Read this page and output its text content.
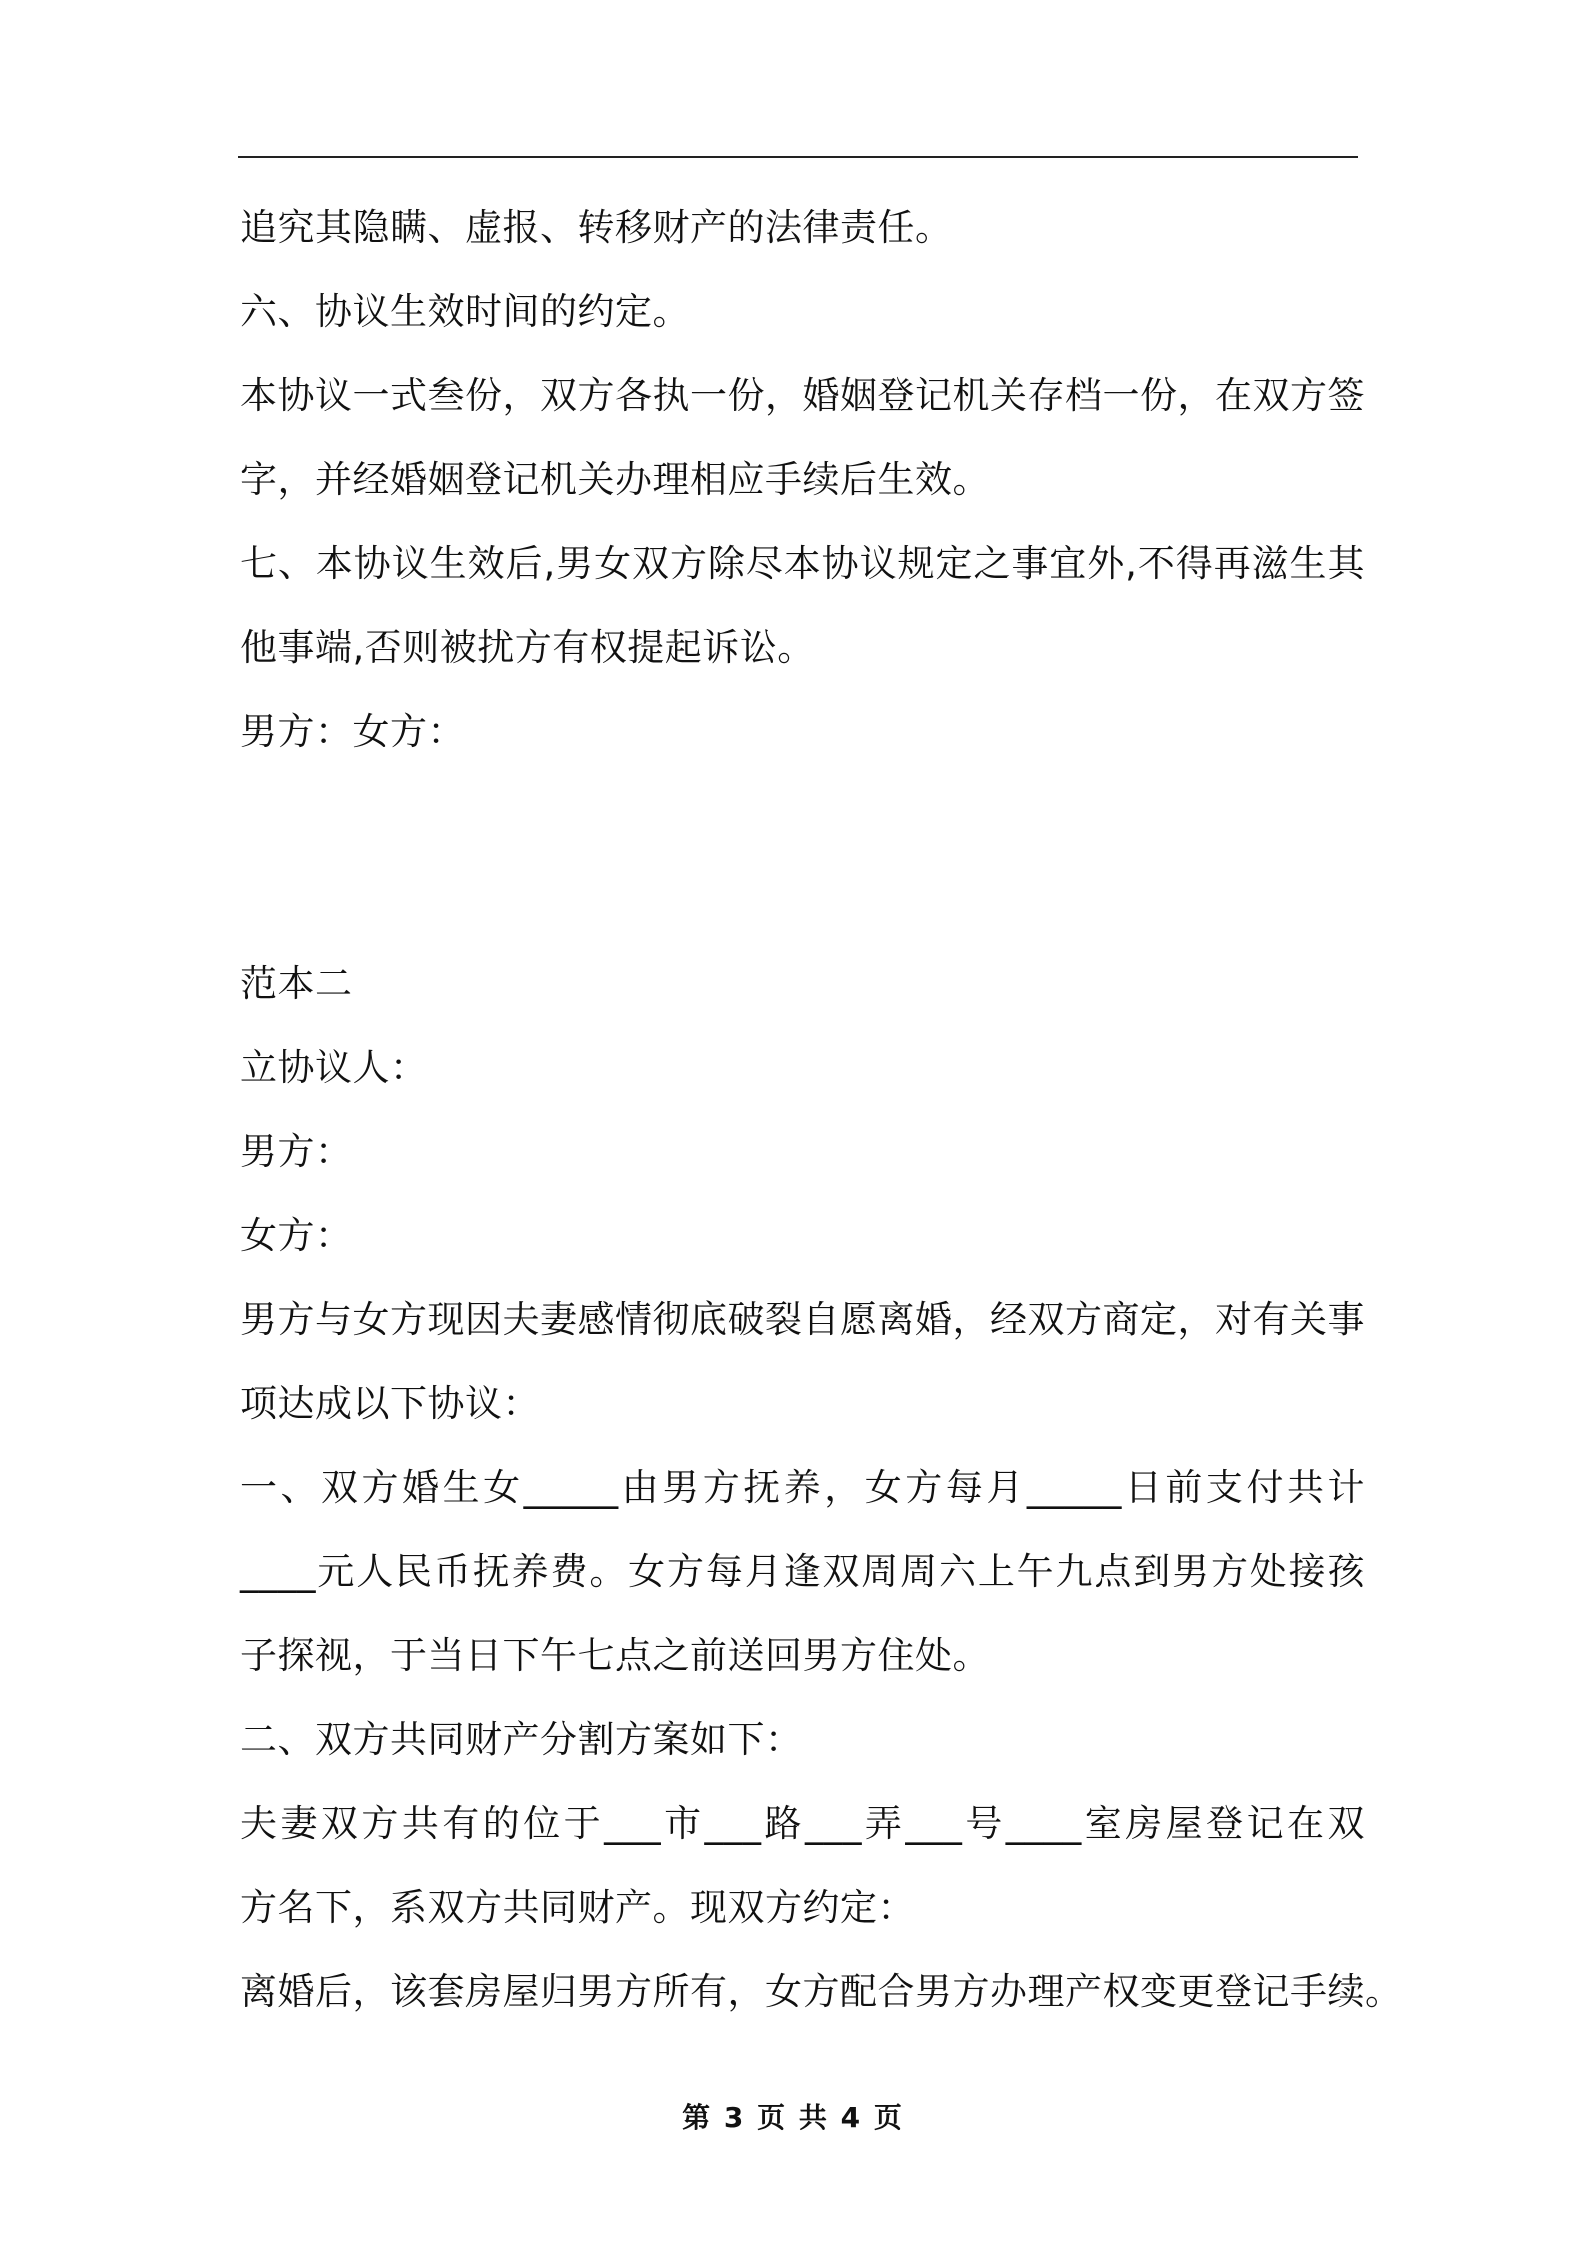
追究其隐瞒、虚报、转移财产的法律责任。
六、协议生效时间的约定。
本协议一式叁份，双方各执一份，婚姻登记机关存档一份，在双方签
字，并经婚姻登记机关办理相应手续后生效。
七、本协议生效后,男女双方除尽本协议规定之事宜外,不得再滋生其
他事端,否则被扰方有权提起诉讼。
男方：女方：
范本二
立协议人：
男方：
女方：
男方与女方现因夫妻感情彻底破裂自愿离婚，经双方商定，对有关事
项达成以下协议：
一、双方婚生女_____由男方抚养，女方每月_____日前支付共计
____元人民币抚养费。女方每月逢双周周六上午九点到男方处接孩
子探视，于当日下午七点之前送回男方住处。
二、双方共同财产分割方案如下：
夫妻双方共有的位于___市___路___弄___号____室房屋登记在双
方名下，系双方共同财产。现双方约定：
离婚后，该套房屋归男方所有，女方配合男方办理产权变更登记手续。
第 3 页 共 4 页
